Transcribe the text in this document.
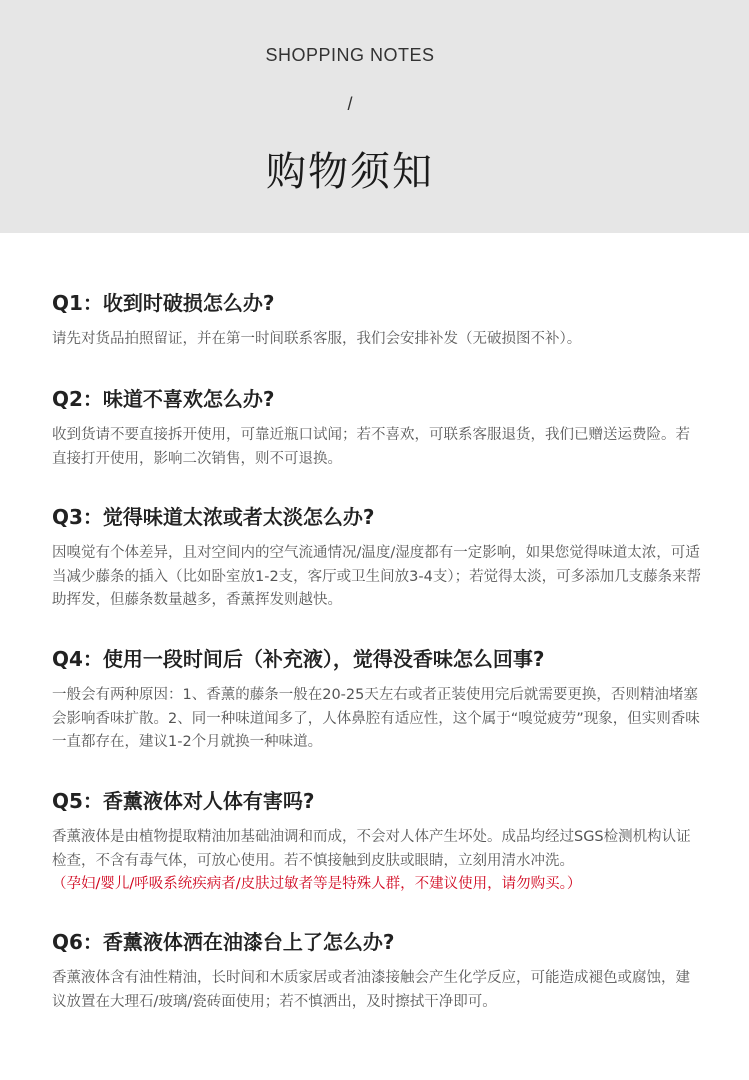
SHOPPING NOTES
/
购物须知
Q1：收到时破损怎么办?
请先对货品拍照留证，并在第一时间联系客服，我们会安排补发（无破损图不补）。
Q2：味道不喜欢怎么办?
收到货请不要直接拆开使用，可靠近瓶口试闻；若不喜欢，可联系客服退货，我们已赠送运费险。若直接打开使用，影响二次销售，则不可退换。
Q3：觉得味道太浓或者太淡怎么办?
因嗅觉有个体差异，且对空间内的空气流通情况/温度/湿度都有一定影响，如果您觉得味道太浓，可适当减少藤条的插入（比如卧室放1-2支，客厅或卫生间放3-4支）；若觉得太淡，可多添加几支藤条来帮助挥发，但藤条数量越多，香薰挥发则越快。
Q4：使用一段时间后（补充液），觉得没香味怎么回事?
一般会有两种原因：1、香薰的藤条一般在20-25天左右或者正装使用完后就需要更换，否则精油堵塞会影响香味扩散。2、同一种味道闻多了，人体鼻腔有适应性，这个属于“嗅觉疲劳”现象，但实则香味一直都存在，建议1-2个月就换一种味道。
Q5：香薰液体对人体有害吗?
香薰液体是由植物提取精油加基础油调和而成，不会对人体产生坏处。成品均经过SGS检测机构认证检查，不含有毒气体，可放心使用。若不慎接触到皮肤或眼睛，立刻用清水冲洗。
（孕妇/婴儿/呼吸系统疾病者/皮肤过敏者等是特殊人群，不建议使用，请勿购买。）
Q6：香薰液体洒在油漆台上了怎么办?
香薰液体含有油性精油，长时间和木质家居或者油漆接触会产生化学反应，可能造成褪色或腐蚀，建议放置在大理石/玻璃/瓷砖面使用；若不慎洒出，及时擦拭干净即可。
